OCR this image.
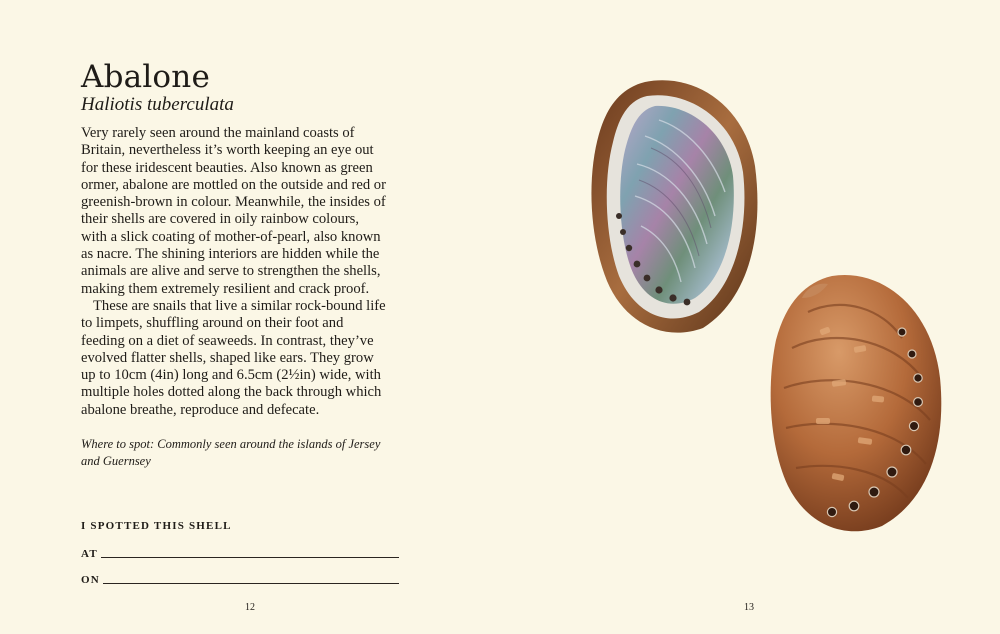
Abalone
Haliotis tuberculata

Very rarely seen around the mainland coasts of Britain, nevertheless it’s worth keeping an eye out for these iridescent beauties. Also known as green ormer, abalone are mottled on the outside and red or greenish-brown in colour. Meanwhile, the insides of their shells are covered in oily rainbow colours, with a slick coating of mother-of-pearl, also known as nacre. The shining interiors are hidden while the animals are alive and serve to strengthen the shells, making them extremely resilient and crack proof.

These are snails that live a similar rock-bound life to limpets, shuffling around on their foot and feeding on a diet of seaweeds. In contrast, they’ve evolved flatter shells, shaped like ears. They grow up to 10cm (4in) long and 6.5cm (2½in) wide, with multiple holes dotted along the back through which abalone breathe, reproduce and defecate.

Where to spot: Commonly seen around the islands of Jersey and Guernsey
I SPOTTED THIS SHELL
AT
ON
12	13
